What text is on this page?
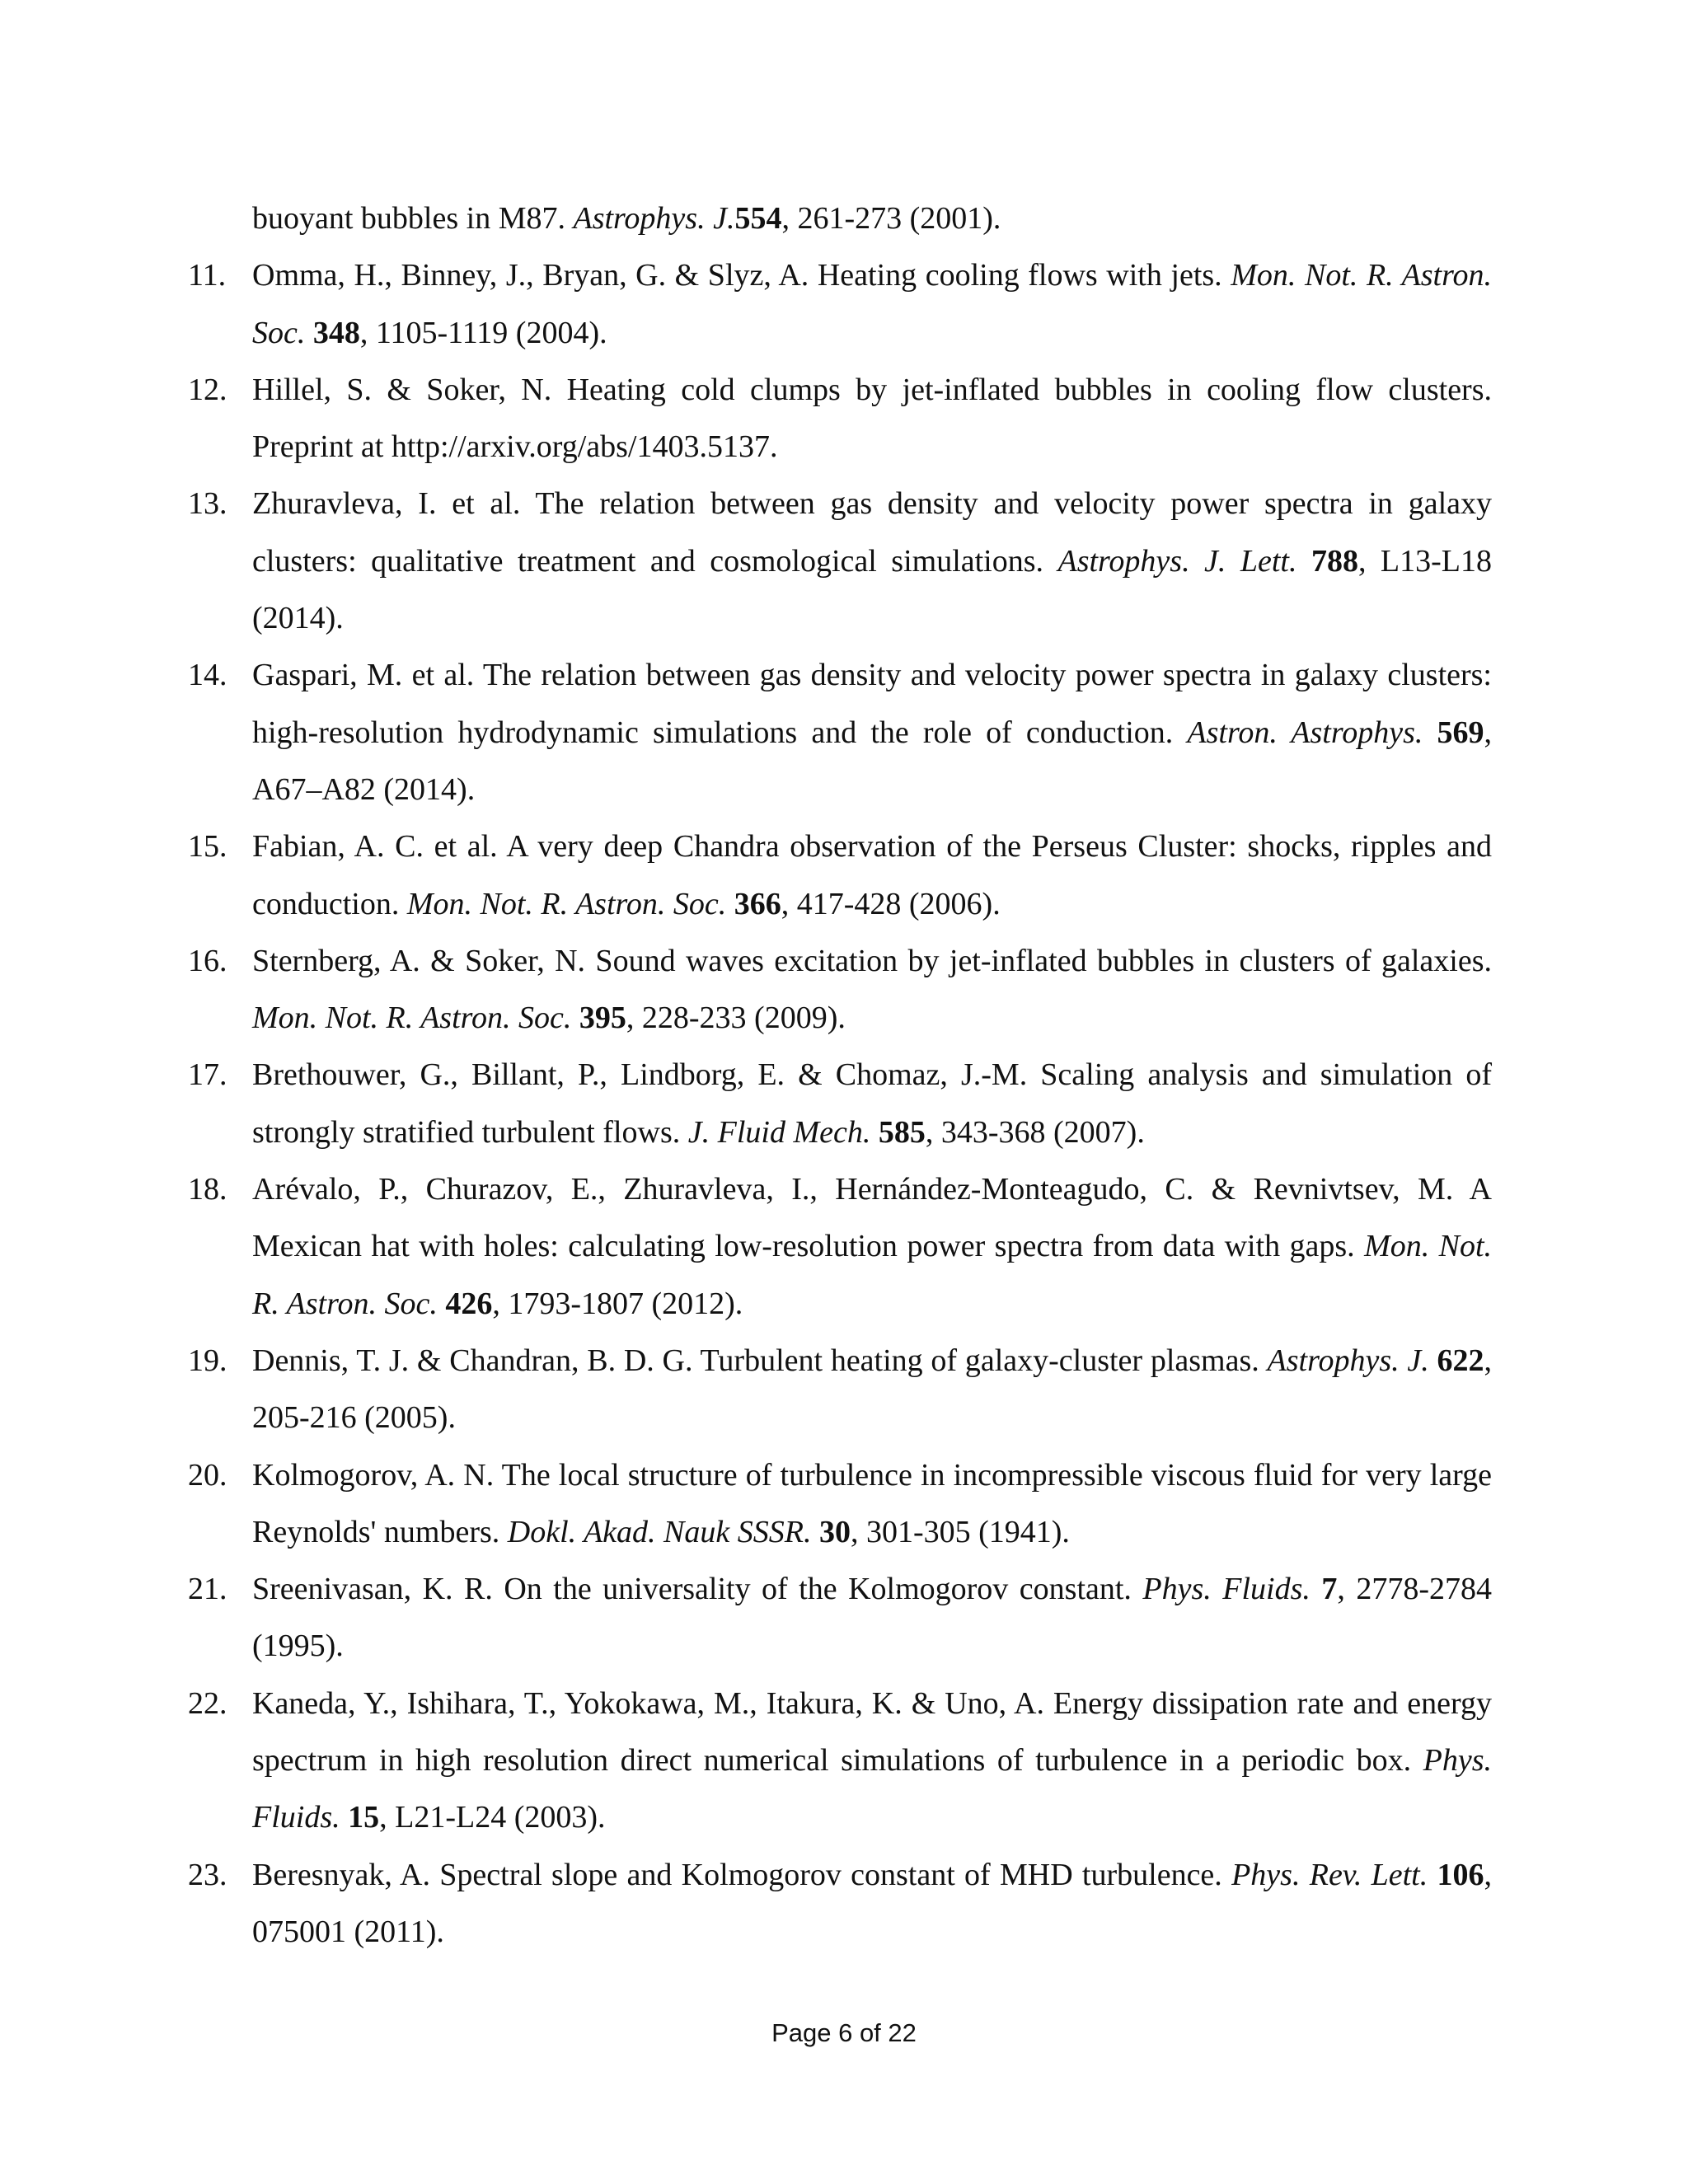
buoyant bubbles in M87. Astrophys. J.554, 261-273 (2001).
11. Omma, H., Binney, J., Bryan, G. & Slyz, A. Heating cooling flows with jets. Mon. Not. R. Astron. Soc. 348, 1105-1119 (2004).
12. Hillel, S. & Soker, N. Heating cold clumps by jet-inflated bubbles in cooling flow clusters. Preprint at http://arxiv.org/abs/1403.5137.
13. Zhuravleva, I. et al. The relation between gas density and velocity power spectra in galaxy clusters: qualitative treatment and cosmological simulations. Astrophys. J. Lett. 788, L13-L18 (2014).
14. Gaspari, M. et al. The relation between gas density and velocity power spectra in galaxy clusters: high-resolution hydrodynamic simulations and the role of conduction. Astron. Astrophys. 569, A67–A82 (2014).
15. Fabian, A. C. et al. A very deep Chandra observation of the Perseus Cluster: shocks, ripples and conduction. Mon. Not. R. Astron. Soc. 366, 417-428 (2006).
16. Sternberg, A. & Soker, N. Sound waves excitation by jet-inflated bubbles in clusters of galaxies. Mon. Not. R. Astron. Soc. 395, 228-233 (2009).
17. Brethouwer, G., Billant, P., Lindborg, E. & Chomaz, J.-M. Scaling analysis and simulation of strongly stratified turbulent flows. J. Fluid Mech. 585, 343-368 (2007).
18. Arévalo, P., Churazov, E., Zhuravleva, I., Hernández-Monteagudo, C. & Revnivtsev, M. A Mexican hat with holes: calculating low-resolution power spectra from data with gaps. Mon. Not. R. Astron. Soc. 426, 1793-1807 (2012).
19. Dennis, T. J. & Chandran, B. D. G. Turbulent heating of galaxy-cluster plasmas. Astrophys. J. 622, 205-216 (2005).
20. Kolmogorov, A. N. The local structure of turbulence in incompressible viscous fluid for very large Reynolds' numbers. Dokl. Akad. Nauk SSSR. 30, 301-305 (1941).
21. Sreenivasan, K. R. On the universality of the Kolmogorov constant. Phys. Fluids. 7, 2778-2784 (1995).
22. Kaneda, Y., Ishihara, T., Yokokawa, M., Itakura, K. & Uno, A. Energy dissipation rate and energy spectrum in high resolution direct numerical simulations of turbulence in a periodic box. Phys. Fluids. 15, L21-L24 (2003).
23. Beresnyak, A. Spectral slope and Kolmogorov constant of MHD turbulence. Phys. Rev. Lett. 106, 075001 (2011).
Page 6 of 22
